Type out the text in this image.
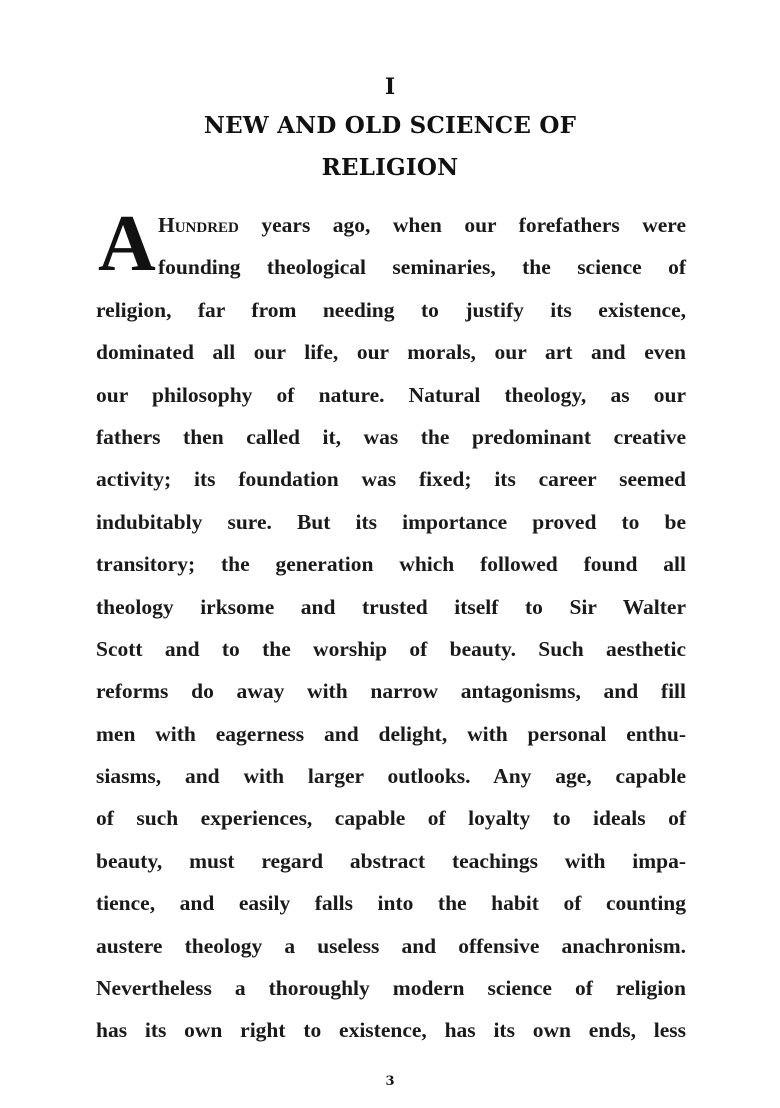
I
NEW AND OLD SCIENCE OF
RELIGION
A Hundred years ago, when our forefathers were
founding theological seminaries, the science of
religion, far from needing to justify its existence,
dominated all our life, our morals, our art and even
our philosophy of nature. Natural theology, as our
fathers then called it, was the predominant creative
activity; its foundation was fixed; its career seemed
indubitably sure. But its importance proved to be
transitory; the generation which followed found all
theology irksome and trusted itself to Sir Walter
Scott and to the worship of beauty. Such aesthetic
reforms do away with narrow antagonisms, and fill
men with eagerness and delight, with personal enthu-
siasms, and with larger outlooks. Any age, capable
of such experiences, capable of loyalty to ideals of
beauty, must regard abstract teachings with impa-
tience, and easily falls into the habit of counting
austere theology a useless and offensive anachronism.
Nevertheless a thoroughly modern science of religion
has its own right to existence, has its own ends, less
3
